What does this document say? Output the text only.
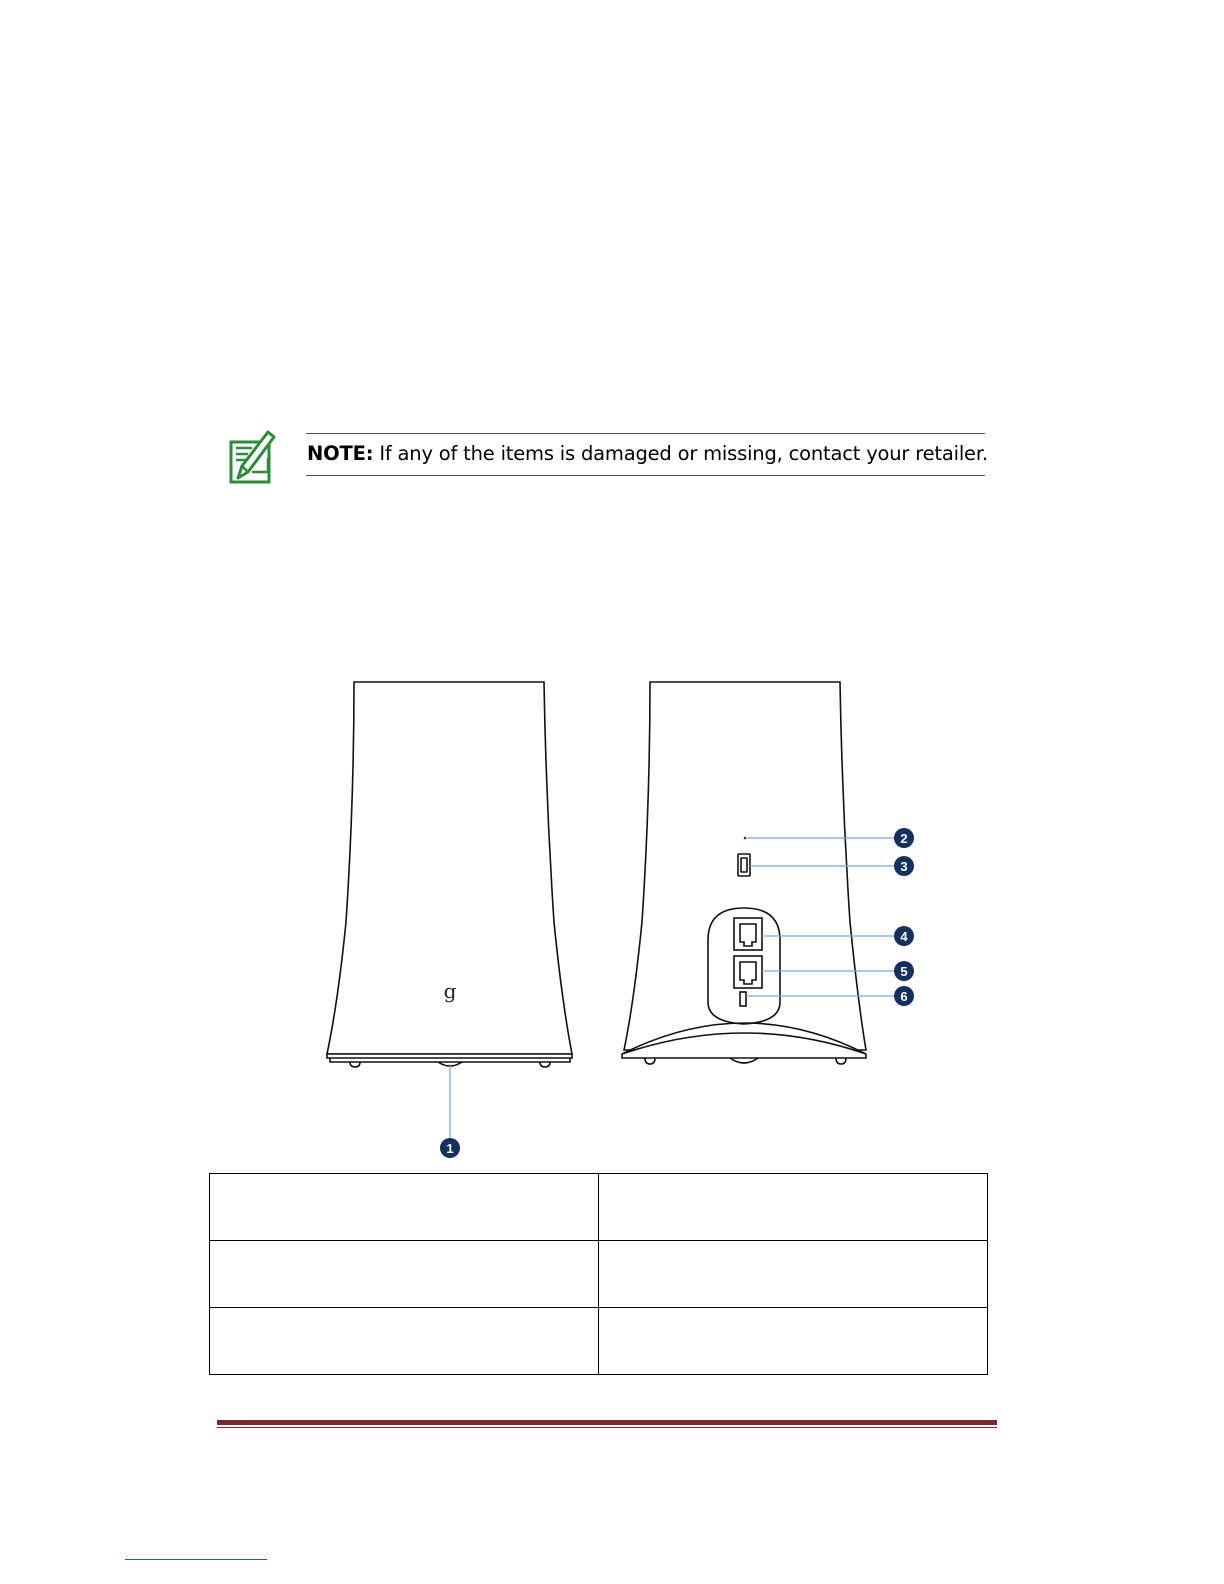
NOTE: If any of the items is damaged or missing, contact your retailer.
g
1
2
3
4
5
6
